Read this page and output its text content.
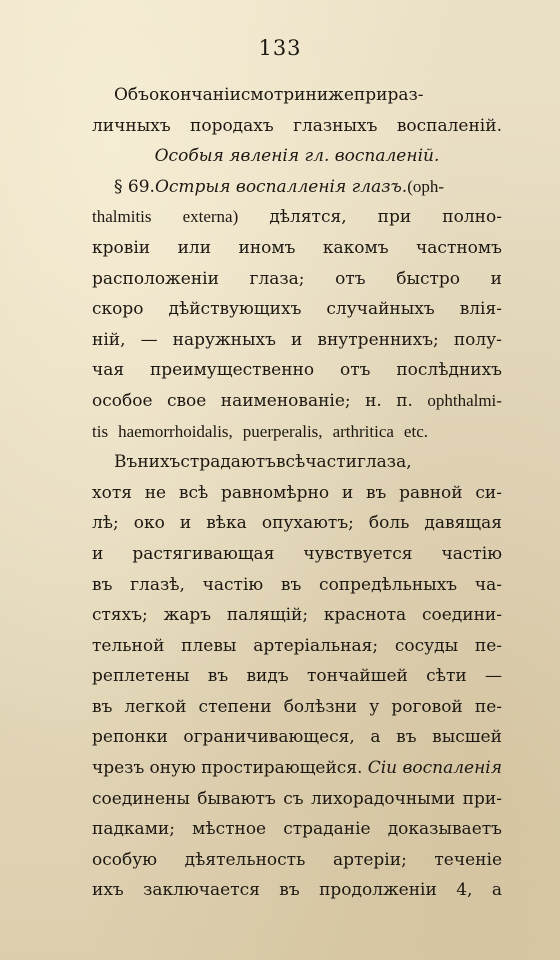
133
Объ окончаніи смотри ниже при раз-
личныхъ породахъ глазныхъ воспаленій.
Особыя явленія гл. воспаленій.
§ 69. Острыя воспалленія глазъ. (oph-
thalmitis externa) дѣлятся, при полно-
кровіи или иномъ какомъ частномъ
расположеніи глаза; отъ быстро и
скоро дѣйствующихъ случайныхъ влія-
ній, — наружныхъ и внутреннихъ; полу-
чая преимущественно отъ послѣднихъ
особое свое наименованіе; н. п. ophthalmi-
tis haemorrhoidalis, puerperalis, arthritica etc.
Въ нихъ страдаютъ всѣ части глаза,
хотя не всѣ равномѣрно и въ равной си-
лѣ; око и вѣка опухаютъ; боль давящая
и растягивающая чувствуется частію
въ глазѣ, частію въ сопредѣльныхъ ча-
стяхъ; жаръ палящій; краснота соедини-
тельной плевы артеріальная; сосуды пе-
реплетены въ видъ тончайшей сѣти —
въ легкой степени болѣзни у роговой пе-
репонки ограничивающеся, а въ высшей
чрезъ оную простирающейся. Сіи воспаленія
соединены бываютъ съ лихорадочными при-
падками; мѣстное страданіе доказываетъ
особую дѣятельность артеріи; теченіе
ихъ заключается въ продолженіи 4, а
